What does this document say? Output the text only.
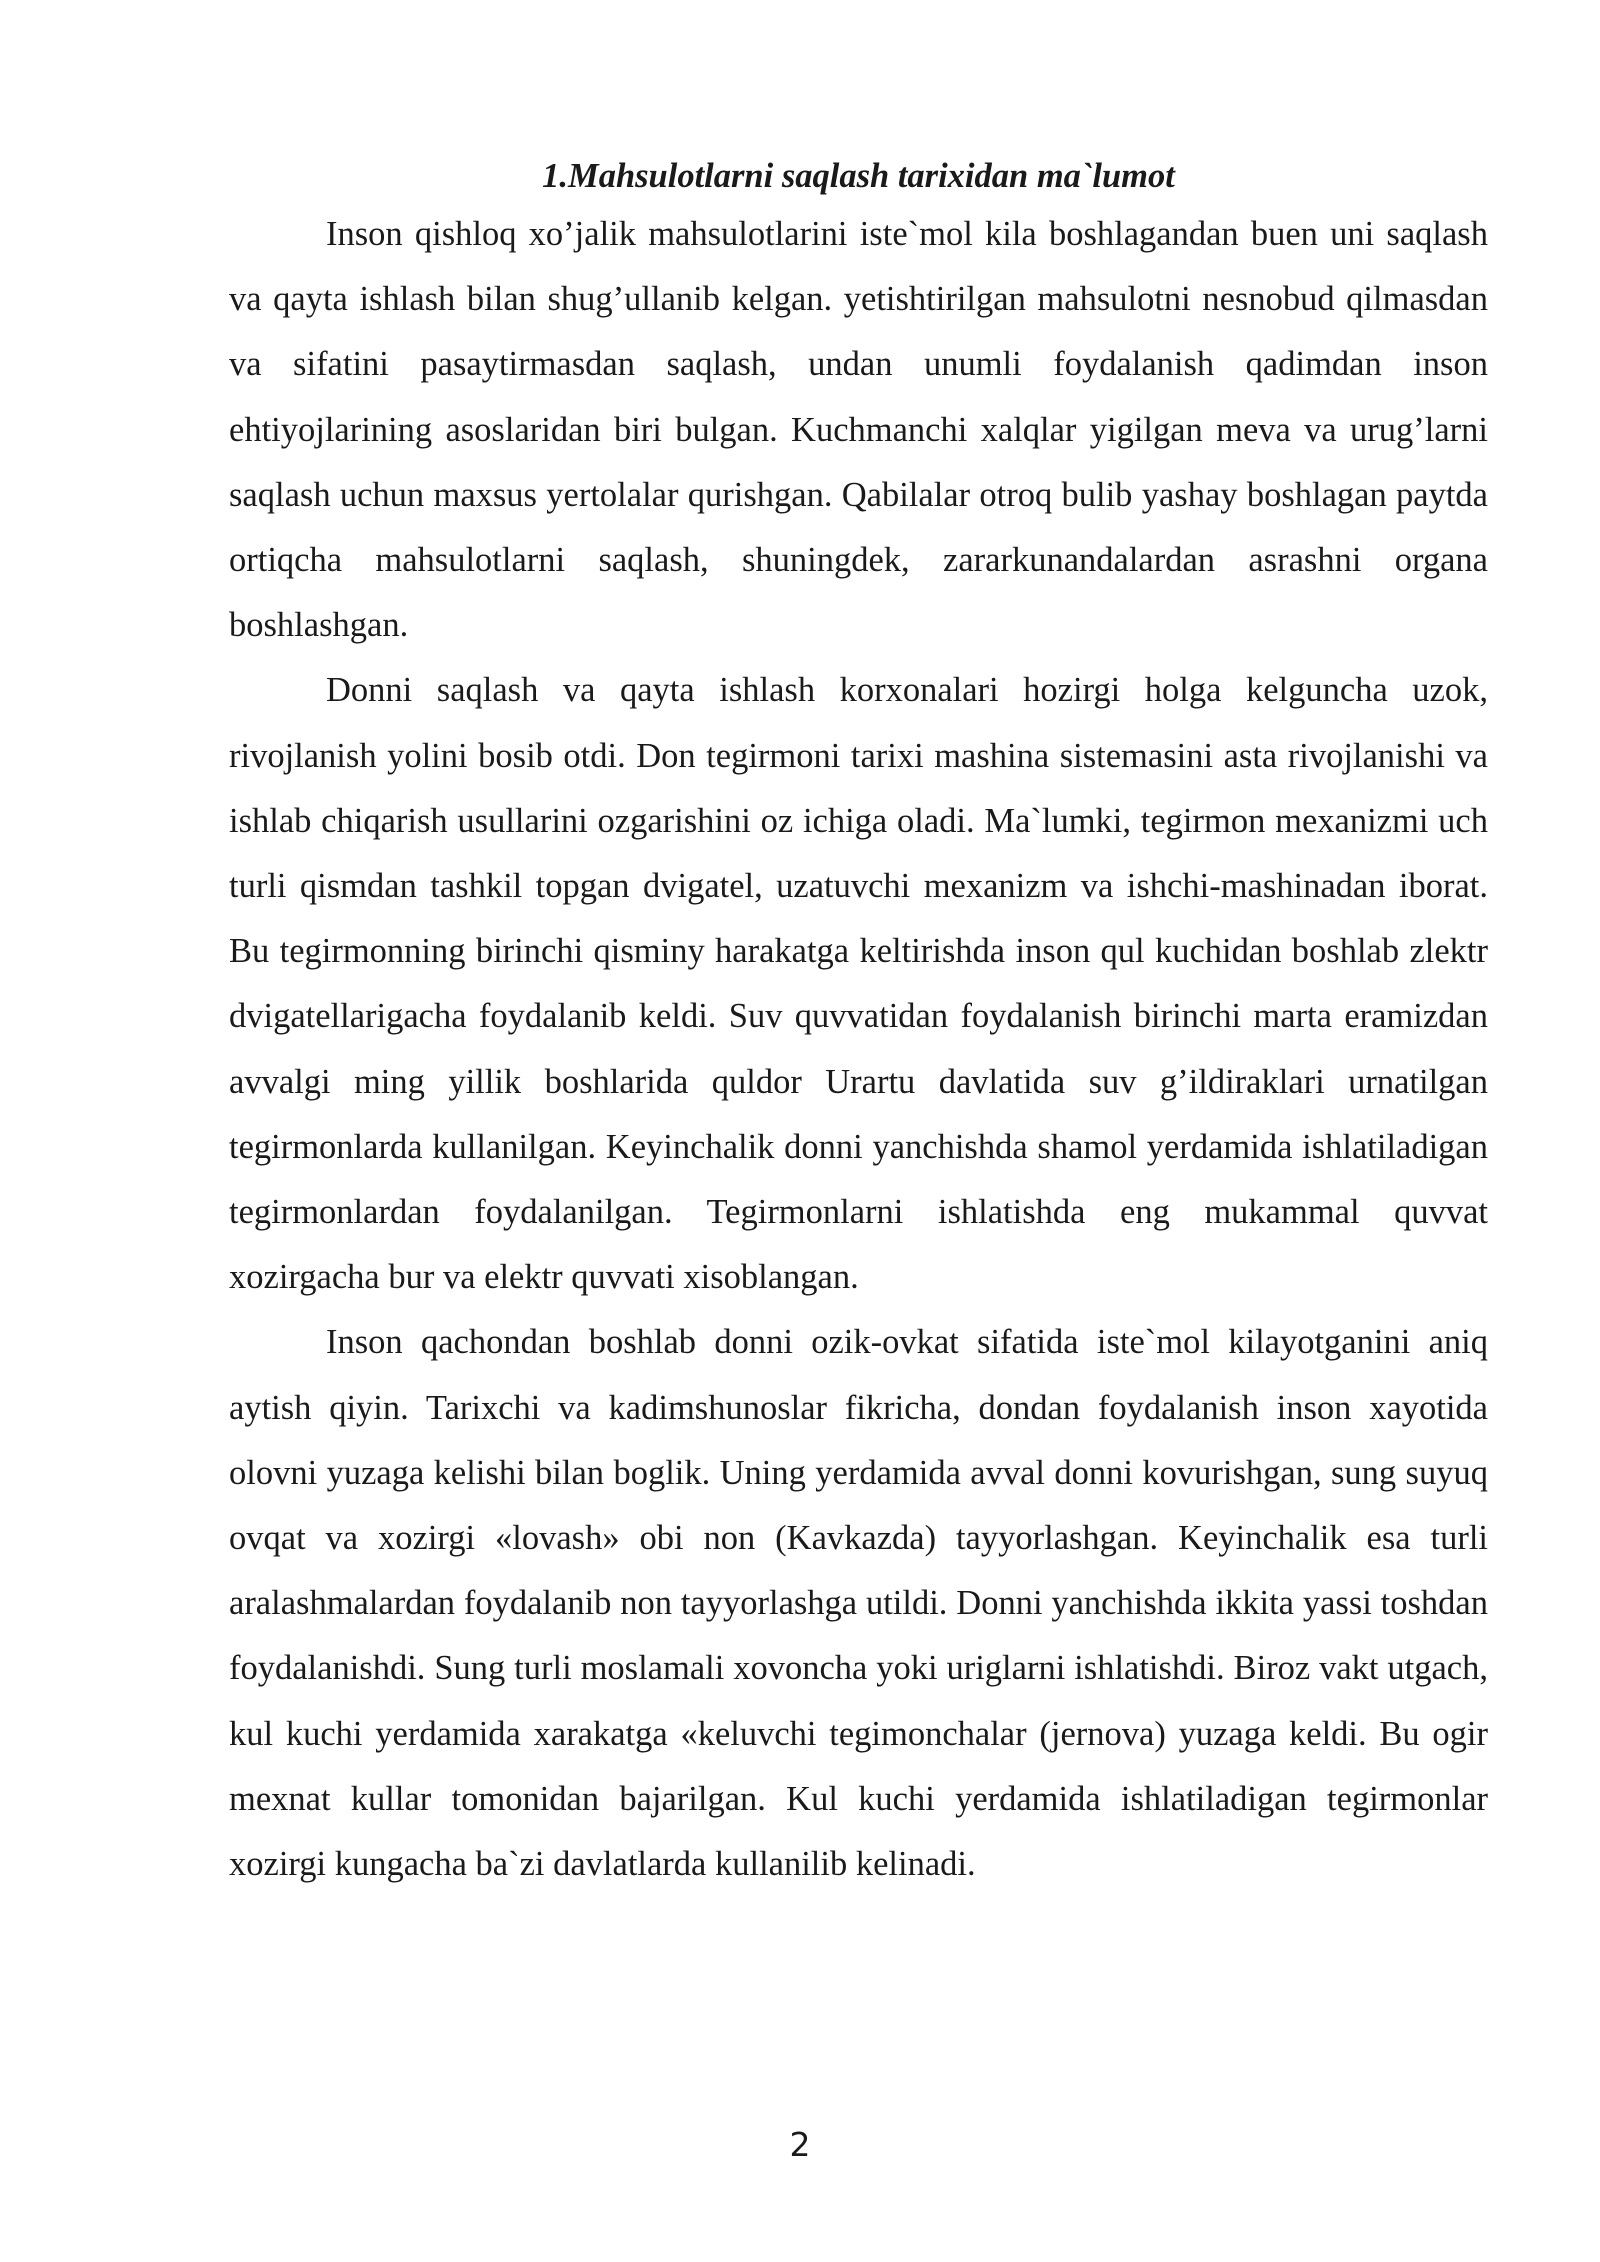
1.Mahsulotlarni saqlash tarixidan ma`lumot

Inson qishloq xo’jalik mahsulotlarini iste`mol kila boshlagandan buen uni saqlash va qayta ishlash bilan shug’ullanib kelgan. yetishtirilgan mahsulotni nesnobud qilmasdan va sifatini pasaytirmasdan saqlash, undan unumli foydalanish qadimdan inson ehtiyojlarining asoslaridan biri bulgan. Kuchmanchi xalqlar yigilgan meva va urug’larni saqlash uchun maxsus yertolalar qurishgan. Qabilalar otroq bulib yashay boshlagan paytda ortiqcha mahsulotlarni saqlash, shuningdek, zararkunandalardan asrashni organa boshlashgan.

Donni saqlash va qayta ishlash korxonalari hozirgi holga kelguncha uzok, rivojlanish yolini bosib otdi. Don tegirmoni tarixi mashina sistemasini asta rivojlanishi va ishlab chiqarish usullarini ozgarishini oz ichiga oladi. Ma`lumki, tegirmon mexanizmi uch turli qismdan tashkil topgan dvigatel, uzatuvchi mexanizm va ishchi-mashinadan iborat. Bu tegirmonning birinchi qisminy harakatga keltirishda inson qul kuchidan boshlab zlektr dvigatellarigacha foydalanib keldi. Suv quvvatidan foydalanish birinchi marta eramizdan avvalgi ming yillik boshlarida quldor Urartu davlatida suv g’ildiraklari urnatilgan tegirmonlarda kullanilgan. Keyinchalik donni yanchishda shamol yerdamida ishlatiladigan tegirmonlardan foydalanilgan. Tegirmonlarni ishlatishda eng mukammal quvvat xozirgacha bur va elektr quvvati xisoblangan.

Inson qachondan boshlab donni ozik-ovkat sifatida iste`mol kilayotganini aniq aytish qiyin. Tarixchi va kadimshunoslar fikricha, dondan foydalanish inson xayotida olovni yuzaga kelishi bilan boglik. Uning yerdamida avval donni kovurishgan, sung suyuq ovqat va xozirgi «lovash» obi non (Kavkazda) tayyorlashgan. Keyinchalik esa turli aralashmalardan foydalanib non tayyorlashga utildi. Donni yanchishda ikkita yassi toshdan foydalanishdi. Sung turli moslamali xovoncha yoki uriglarni ishlatishdi. Biroz vakt utgach, kul kuchi yerdamida xarakatga «keluvchi tegimonchalar (jernova) yuzaga keldi. Bu ogir mexnat kullar tomonidan bajarilgan. Kul kuchi yerdamida ishlatiladigan tegirmonlar xozirgi kungacha ba`zi davlatlarda kullanilib kelinadi.

2
